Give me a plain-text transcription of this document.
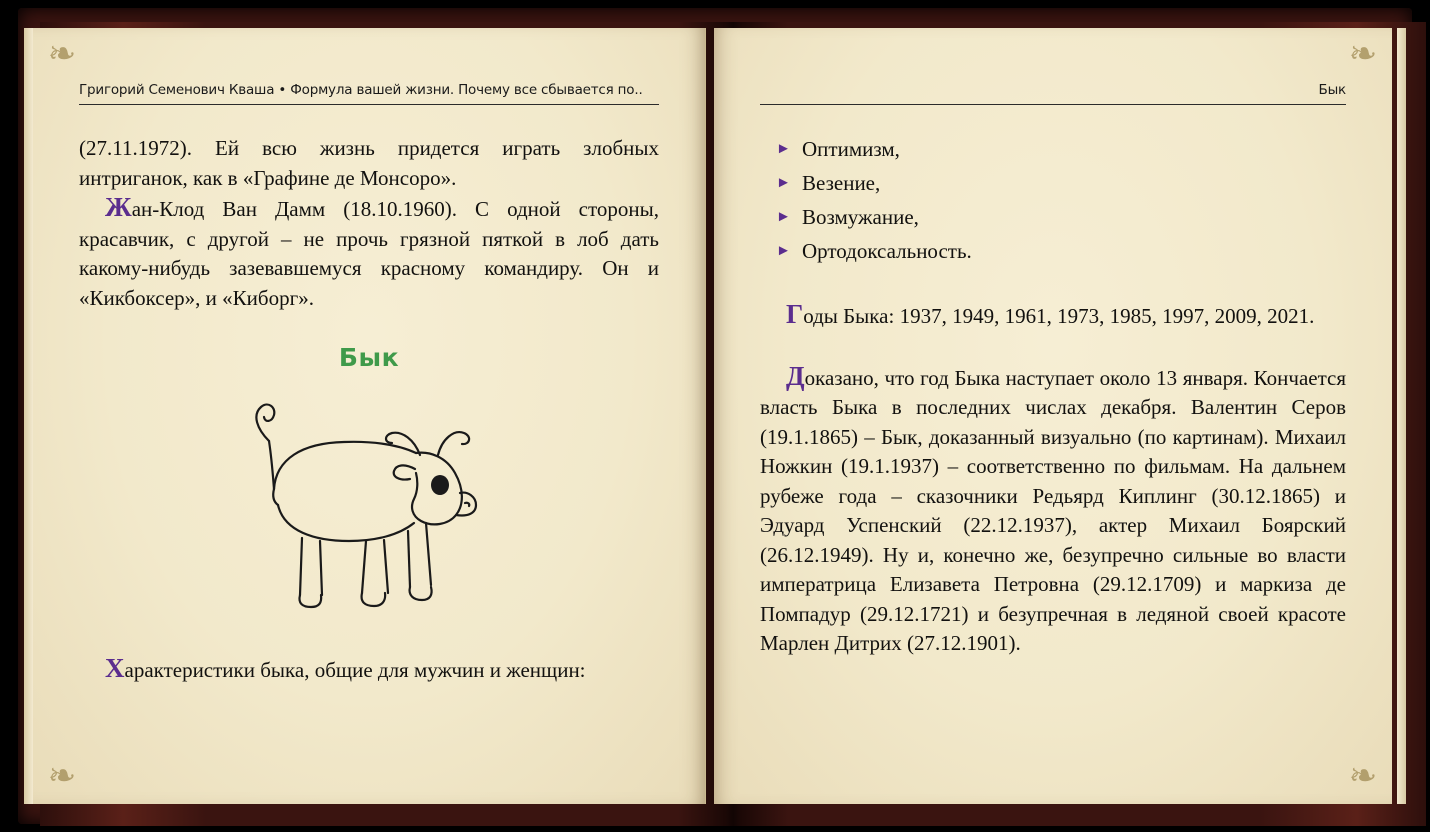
❧
❧
Григорий Семенович Кваша • Формула вашей жизни. Почему все сбывается по..

(27.11.1972). Ей всю жизнь придется играть злобных интриганок, как в «Графине де Монсоро».

Жан-Клод Ван Дамм (18.10.1960). С одной стороны, красавчик, с другой – не прочь грязной пяткой в лоб дать какому-нибудь зазевавшемуся красному командиру. Он и «Кикбоксер», и «Киборг».

Бык

Характеристики быка, общие для мужчин и женщин:

❧
❧
Бык
► Оптимизм,
► Везение,
► Возмужание,
► Ортодоксальность.

Годы Быка: 1937, 1949, 1961, 1973, 1985, 1997, 2009, 2021.

Доказано, что год Быка наступает около 13 января. Кончается власть Быка в последних числах декабря. Валентин Серов (19.1.1865) – Бык, доказанный визуально (по картинам). Михаил Ножкин (19.1.1937) – соответственно по фильмам. На дальнем рубеже года – сказочники Редьярд Киплинг (30.12.1865) и Эдуард Успенский (22.12.1937), актер Михаил Боярский (26.12.1949). Ну и, конечно же, безупречно сильные во власти императрица Елизавета Петровна (29.12.1709) и маркиза де Помпадур (29.12.1721) и безупречная в ледяной своей красоте Марлен Дитрих (27.12.1901).
